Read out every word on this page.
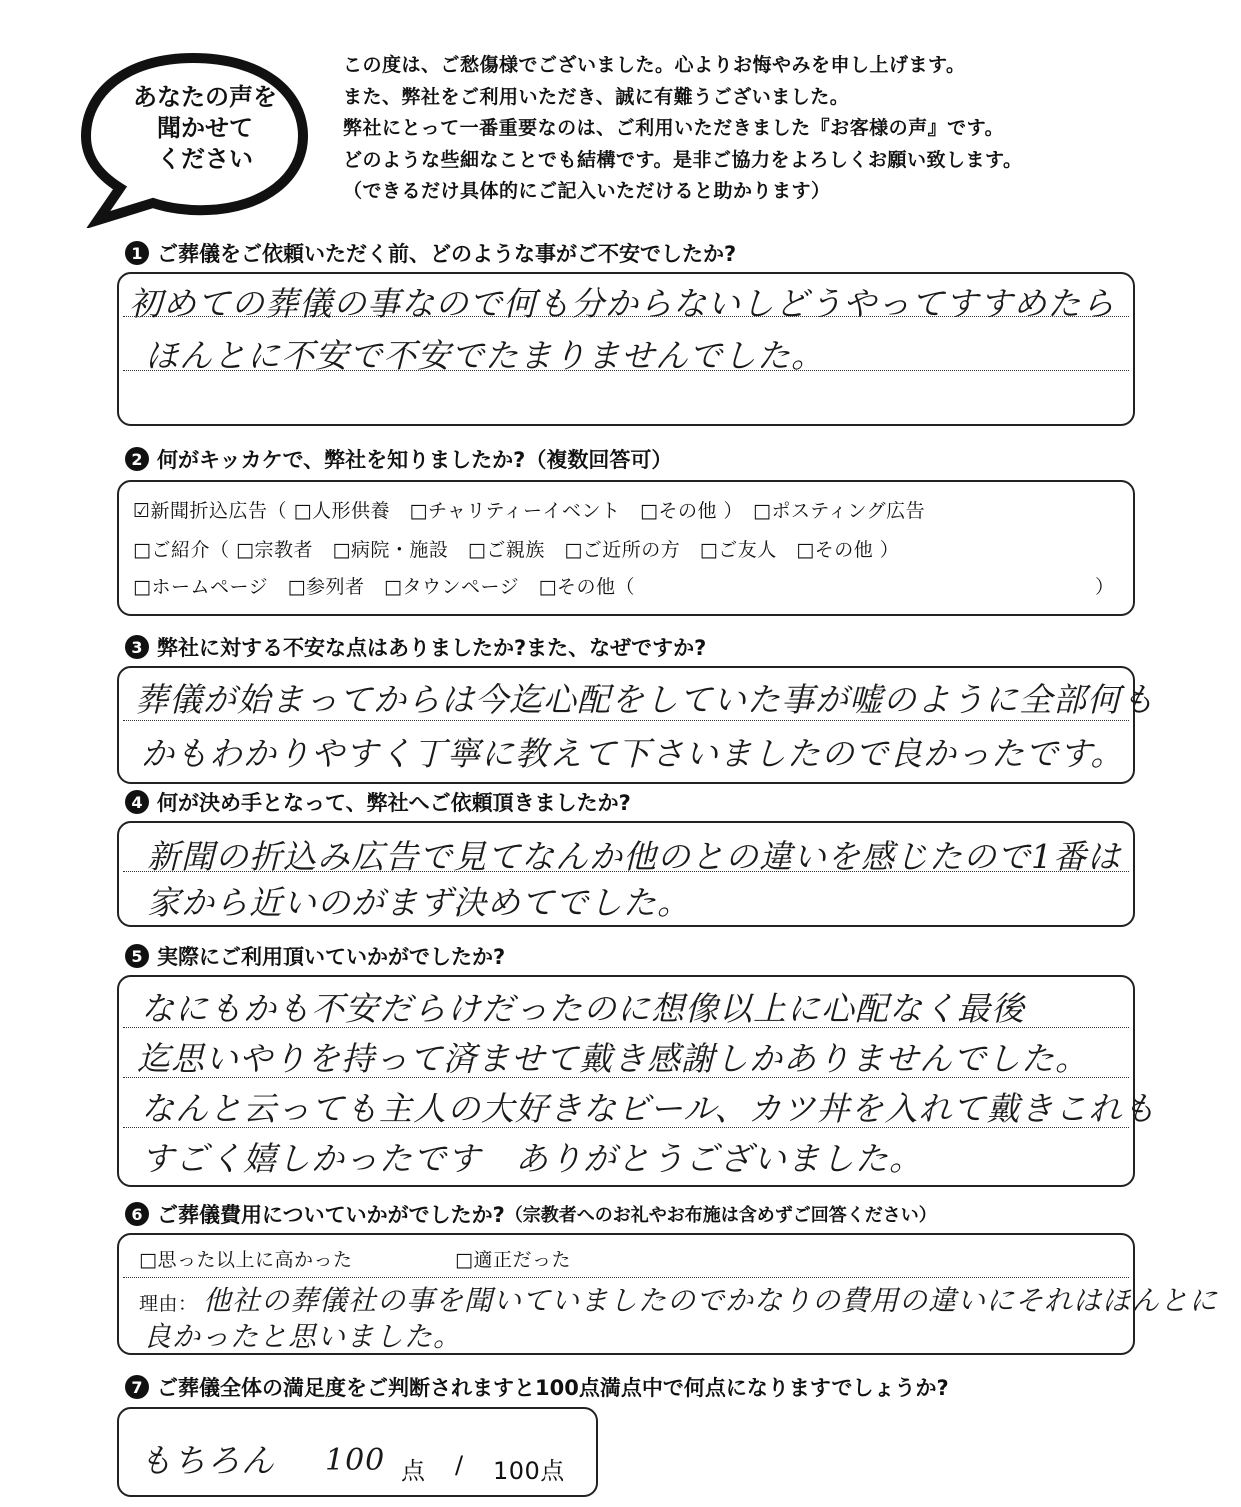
あなたの声を
聞かせて
ください
この度は、ご愁傷様でございました。心よりお悔やみを申し上げます。
また、弊社をご利用いただき、誠に有難うございました。
弊社にとって一番重要なのは、ご利用いただきました『お客様の声』です。
どのような些細なことでも結構です。是非ご協力をよろしくお願い致します。
（できるだけ具体的にご記入いただけると助かります）
1 ご葬儀をご依頼いただく前、どのような事がご不安でしたか?
初めての葬儀の事なので何も分からないしどうやってすすめたら
ほんとに不安で不安でたまりませんでした。
2 何がキッカケで、弊社を知りましたか?（複数回答可）
☑新聞折込広告（ □人形供養　□チャリティーイベント　□その他 ）　□ポスティング広告
□ご紹介（ □宗教者　□病院・施設　□ご親族　□ご近所の方　□ご友人　□その他 ）
□ホームページ　□参列者　□タウンページ　□その他（	）
3 弊社に対する不安な点はありましたか?また、なぜですか?
葬儀が始まってからは今迄心配をしていた事が嘘のように全部何も
かもわかりやすく丁寧に教えて下さいましたので良かったです。
4 何が決め手となって、弊社へご依頼頂きましたか?
新聞の折込み広告で見てなんか他のとの違いを感じたので1番は
家から近いのがまず決めてでした。
5 実際にご利用頂いていかがでしたか?
なにもかも不安だらけだったのに想像以上に心配なく最後
迄思いやりを持って済ませて戴き感謝しかありませんでした。
なんと云っても主人の大好きなビール、カツ丼を入れて戴きこれも
すごく嬉しかったです　ありがとうございました。
6 ご葬儀費用についていかがでしたか? （宗教者へのお礼やお布施は含めずご回答ください）
□思った以上に高かった	□適正だった
理由： 他社の葬儀社の事を聞いていましたのでかなりの費用の違いにそれはほんとに
良かったと思いました。
7 ご葬儀全体の満足度をご判断されますと100点満点中で何点になりますでしょうか?
もちろん 100 点 / 100点
